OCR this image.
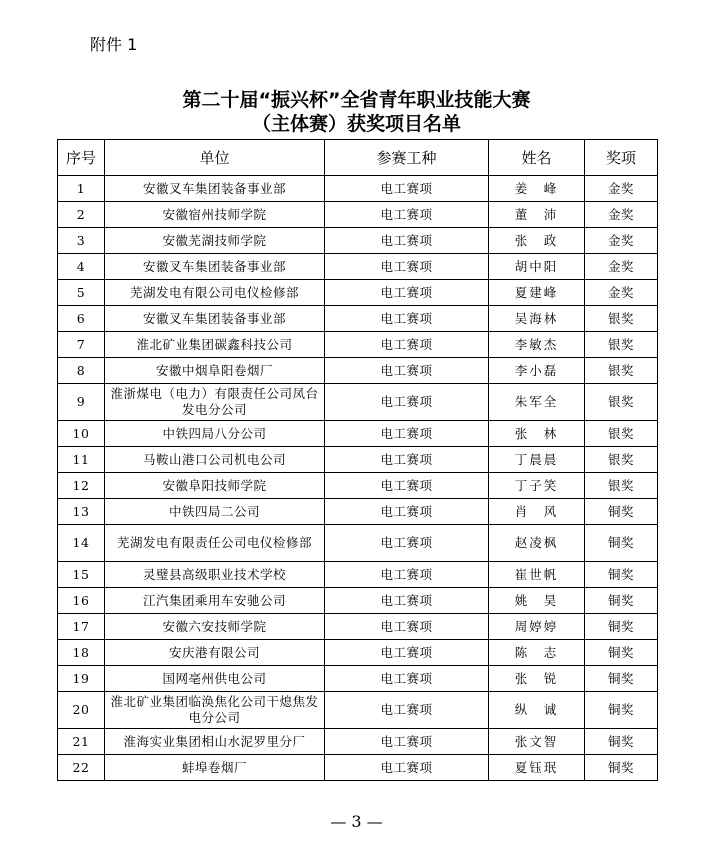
附件 1
第二十届“振兴杯”全省青年职业技能大赛
（主体赛）获奖项目名单
序号	单位	参赛工种	姓名	奖项
1	安徽叉车集团装备事业部	电工赛项	姜　峰	金奖
2	安徽宿州技师学院	电工赛项	董　沛	金奖
3	安徽芜湖技师学院	电工赛项	张　政	金奖
4	安徽叉车集团装备事业部	电工赛项	胡中阳	金奖
5	芜湖发电有限公司电仪检修部	电工赛项	夏建峰	金奖
6	安徽叉车集团装备事业部	电工赛项	吴海林	银奖
7	淮北矿业集团碳鑫科技公司	电工赛项	李敏杰	银奖
8	安徽中烟阜阳卷烟厂	电工赛项	李小磊	银奖
9	淮浙煤电（电力）有限责任公司凤台发电分公司	电工赛项	朱军全	银奖
10	中铁四局八分公司	电工赛项	张　林	银奖
11	马鞍山港口公司机电公司	电工赛项	丁晨晨	银奖
12	安徽阜阳技师学院	电工赛项	丁子笑	银奖
13	中铁四局二公司	电工赛项	肖　风	铜奖
14	芜湖发电有限责任公司电仪检修部	电工赛项	赵凌枫	铜奖
15	灵璧县高级职业技术学校	电工赛项	崔世帆	铜奖
16	江汽集团乘用车安驰公司	电工赛项	姚　昊	铜奖
17	安徽六安技师学院	电工赛项	周婷婷	铜奖
18	安庆港有限公司	电工赛项	陈　志	铜奖
19	国网亳州供电公司	电工赛项	张　锐	铜奖
20	淮北矿业集团临涣焦化公司干熄焦发电分公司	电工赛项	纵　诚	铜奖
21	淮海实业集团相山水泥罗里分厂	电工赛项	张文智	铜奖
22	蚌埠卷烟厂	电工赛项	夏钰珉	铜奖
— 3 —
